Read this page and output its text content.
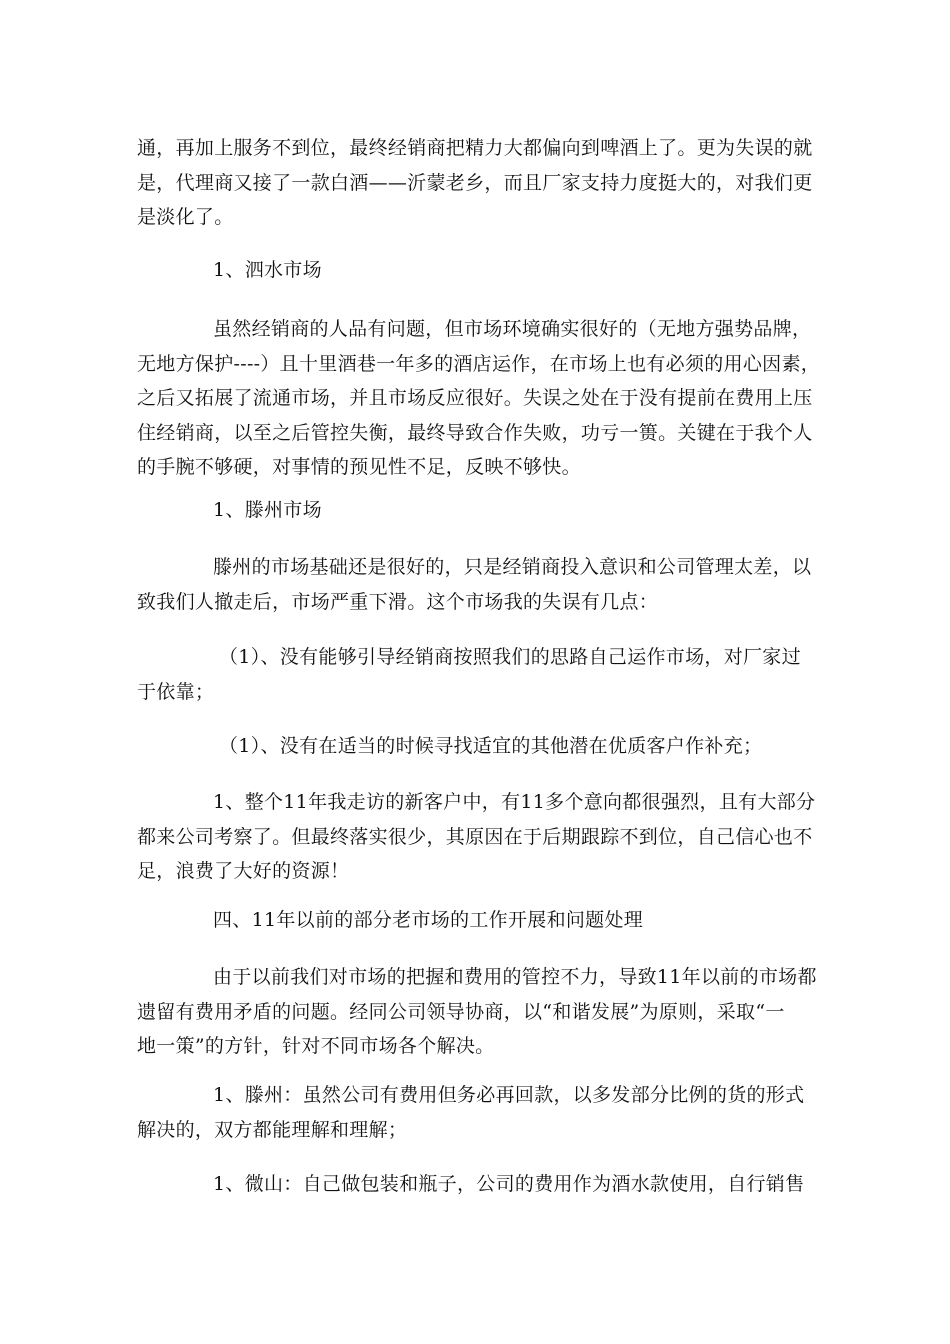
通，再加上服务不到位，最终经销商把精力大都偏向到啤酒上了。更为失误的就
是，代理商又接了一款白酒——沂蒙老乡，而且厂家支持力度挺大的，对我们更
是淡化了。
1、泗水市场
虽然经销商的人品有问题，但市场环境确实很好的（无地方强势品牌，
无地方保护----）且十里酒巷一年多的酒店运作，在市场上也有必须的用心因素，
之后又拓展了流通市场，并且市场反应很好。失误之处在于没有提前在费用上压
住经销商，以至之后管控失衡，最终导致合作失败，功亏一篑。关键在于我个人
的手腕不够硬，对事情的预见性不足，反映不够快。
1、滕州市场
滕州的市场基础还是很好的，只是经销商投入意识和公司管理太差，以
致我们人撤走后，市场严重下滑。这个市场我的失误有几点：
（1）、没有能够引导经销商按照我们的思路自己运作市场，对厂家过
于依靠；
（1）、没有在适当的时候寻找适宜的其他潜在优质客户作补充；
1、整个11年我走访的新客户中，有11多个意向都很强烈，且有大部分
都来公司考察了。但最终落实很少，其原因在于后期跟踪不到位，自己信心也不
足，浪费了大好的资源！
四、11年以前的部分老市场的工作开展和问题处理
由于以前我们对市场的把握和费用的管控不力，导致11年以前的市场都
遗留有费用矛盾的问题。经同公司领导协商，以“和谐发展”为原则，采取“一
地一策”的方针，针对不同市场各个解决。
1、滕州：虽然公司有费用但务必再回款，以多发部分比例的货的形式
解决的，双方都能理解和理解；
1、微山：自己做包装和瓶子，公司的费用作为酒水款使用，自行销售
